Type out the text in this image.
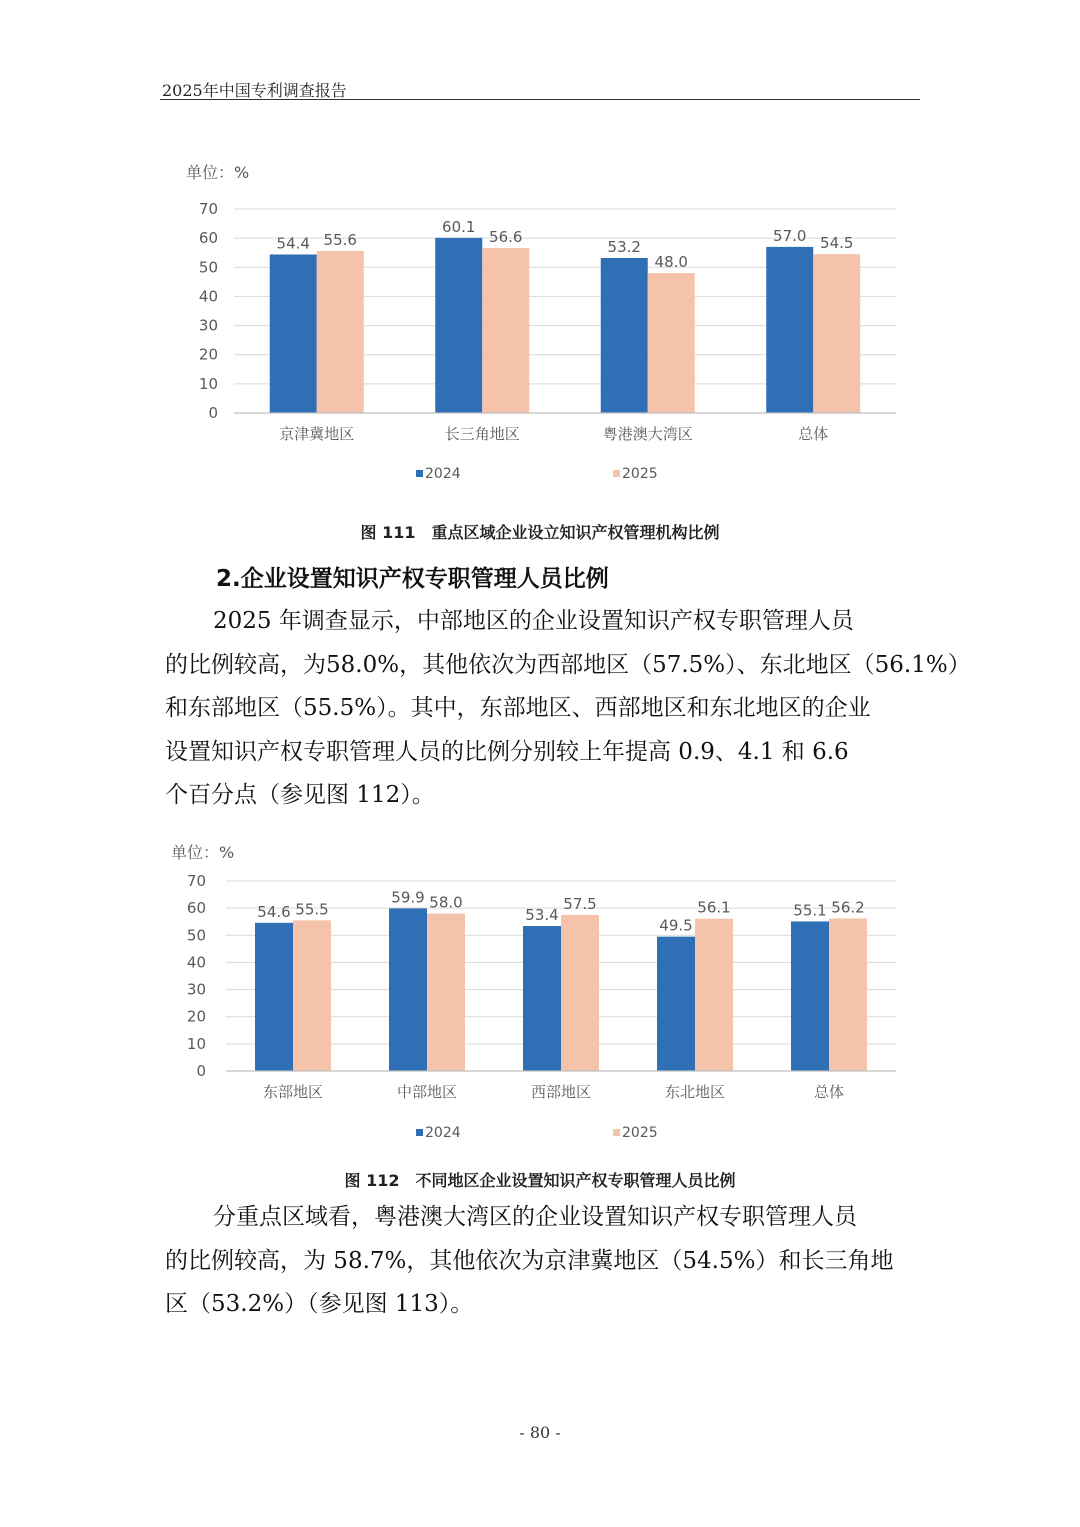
2025年中国专利调查报告
单位：%
0
10
20
30
40
50
60
70
54.4 55.6
京津冀地区
60.1
56.6
长三角地区
53.2
48.0
粤港澳大湾区
57.0 54.5
总体
2024	2025
图 111　重点区域企业设立知识产权管理机构比例
2.企业设置知识产权专职管理人员比例
2025 年调查显示，中部地区的企业设置知识产权专职管理人员
的比例较高，为58.0%，其他依次为西部地区（57.5%）、东北地区（56.1%）
和东部地区（55.5%）。其中，东部地区、西部地区和东北地区的企业
设置知识产权专职管理人员的比例分别较上年提高 0.9、4.1 和 6.6
个百分点（参见图 112）。
单位：%
0
10
20
30
40
50
60
70
54.6 55.5
东部地区
59.9 58.0
中部地区
53.4
57.5
西部地区
49.5
56.1
东北地区
55.1 56.2
总体
2024	2025
图 112　不同地区企业设置知识产权专职管理人员比例
分重点区域看，粤港澳大湾区的企业设置知识产权专职管理人员
的比例较高，为 58.7%，其他依次为京津冀地区（54.5%）和长三角地
区（53.2%）（参见图 113）。
- 80 -
